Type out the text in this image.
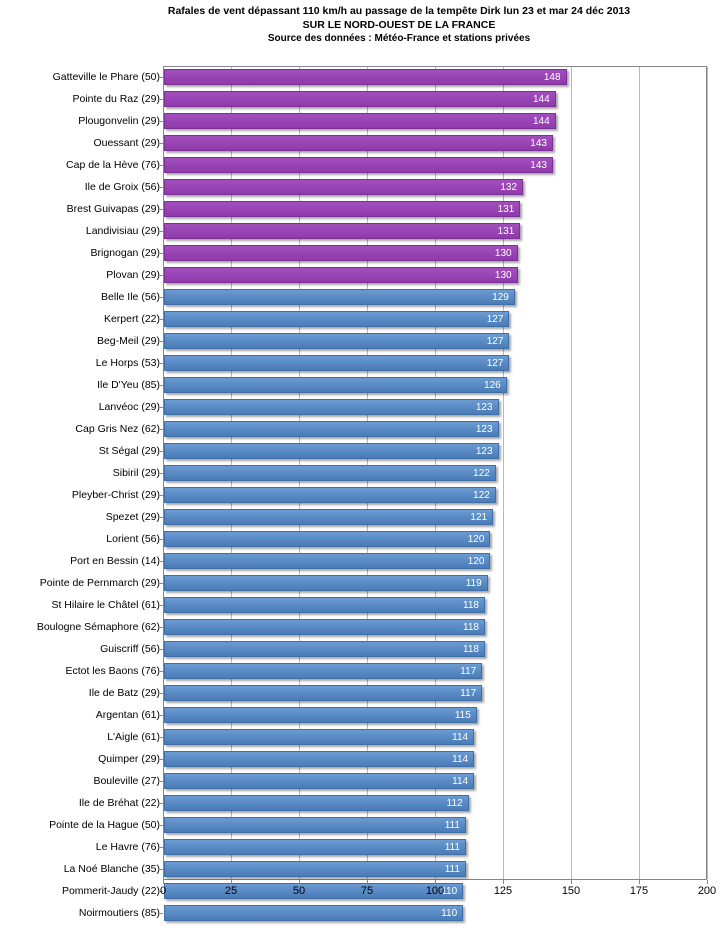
Rafales de vent dépassant 110 km/h au passage de la tempête Dirk lun 23 et mar 24 déc 2013
SUR LE NORD-OUEST DE LA FRANCE
Source des données : Météo-France et stations privées
Gatteville le Phare (50)	148
Pointe du Raz (29)	144
Plougonvelin (29)	144
Ouessant (29)	143
Cap de la Hève (76)	143
Ile de Groix (56)	132
Brest Guivapas (29)	131
Landivisiau (29)	131
Brignogan (29)	130
Plovan (29)	130
Belle Ile (56)	129
Kerpert (22)	127
Beg-Meil (29)	127
Le Horps (53)	127
Ile D'Yeu (85)	126
Lanvéoc (29)	123
Cap Gris Nez (62)	123
St Ségal (29)	123
Sibiril (29)	122
Pleyber-Christ (29)	122
Spezet (29)	121
Lorient (56)	120
Port en Bessin (14)	120
Pointe de Pernmarch (29)	119
St Hilaire le Châtel (61)	118
Boulogne Sémaphore (62)	118
Guiscriff (56)	118
Ectot les Baons (76)	117
Ile de Batz (29)	117
Argentan (61)	115
L'Aigle (61)	114
Quimper (29)	114
Bouleville (27)	114
Ile de Bréhat (22)	112
Pointe de la Hague (50)	111
Le Havre (76)	111
La Noé Blanche (35)	111
Pommerit-Jaudy (22)	110
Noirmoutiers (85)	110
0	25	50	75	100	125	150	175	200
